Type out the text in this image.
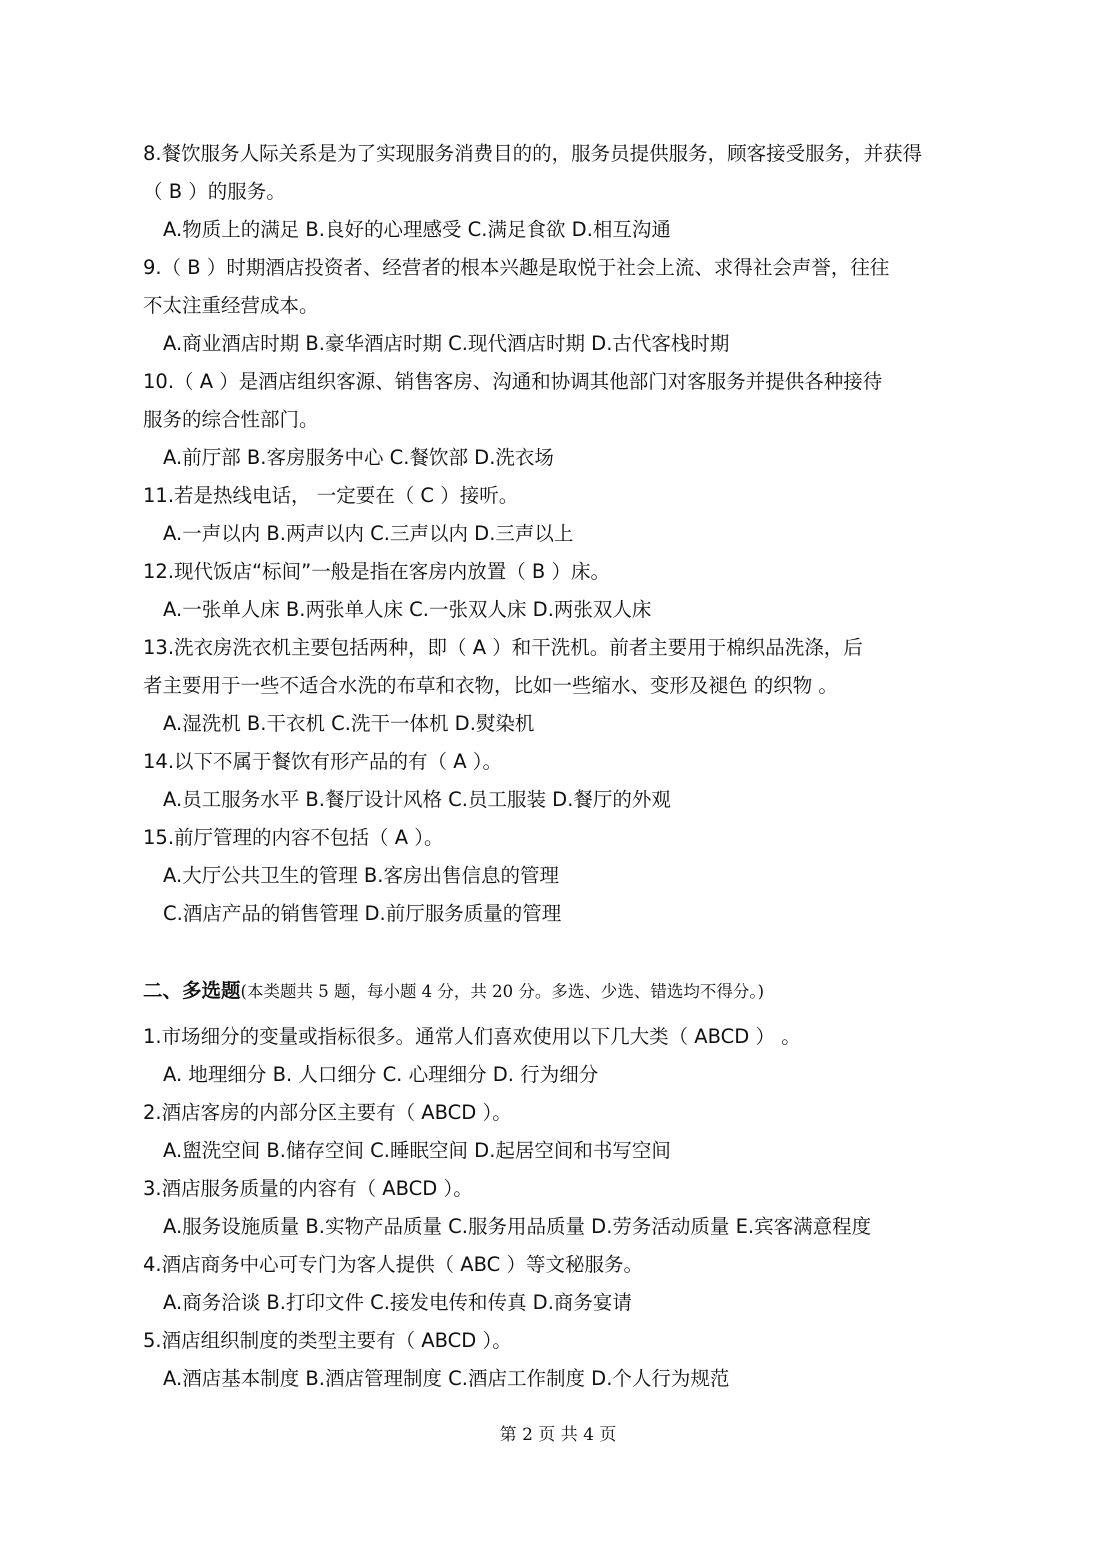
8.餐饮服务人际关系是为了实现服务消费目的的，服务员提供服务，顾客接受服务，并获得
（ B ）的服务。
A.物质上的满足 B.良好的心理感受 C.满足食欲 D.相互沟通
9.（ B ）时期酒店投资者、经营者的根本兴趣是取悦于社会上流、求得社会声誉，往往
不太注重经营成本。
A.商业酒店时期 B.豪华酒店时期 C.现代酒店时期 D.古代客栈时期
10.（ A ）是酒店组织客源、销售客房、沟通和协调其他部门对客服务并提供各种接待
服务的综合性部门。
A.前厅部 B.客房服务中心 C.餐饮部 D.洗衣场
11.若是热线电话， 一定要在（ C ）接听。
A.一声以内 B.两声以内 C.三声以内 D.三声以上
12.现代饭店“标间”一般是指在客房内放置（ B ）床。
A.一张单人床 B.两张单人床 C.一张双人床 D.两张双人床
13.洗衣房洗衣机主要包括两种，即（ A ）和干洗机。前者主要用于棉织品洗涤，后
者主要用于一些不适合水洗的布草和衣物，比如一些缩水、变形及褪色 的织物 。
A.湿洗机 B.干衣机 C.洗干一体机 D.熨染机
14.以下不属于餐饮有形产品的有（ A ）。
A.员工服务水平 B.餐厅设计风格 C.员工服装 D.餐厅的外观
15.前厅管理的内容不包括（ A ）。
A.大厅公共卫生的管理 B.客房出售信息的管理
C.酒店产品的销售管理 D.前厅服务质量的管理
二、多选题(本类题共 5 题，每小题 4 分，共 20 分。多选、少选、错选均不得分。)
1.市场细分的变量或指标很多。通常人们喜欢使用以下几大类（ ABCD ） 。
A. 地理细分 B. 人口细分 C. 心理细分 D. 行为细分
2.酒店客房的内部分区主要有（ ABCD ）。
A.盥洗空间 B.储存空间 C.睡眠空间 D.起居空间和书写空间
3.酒店服务质量的内容有（ ABCD ）。
A.服务设施质量 B.实物产品质量 C.服务用品质量 D.劳务活动质量 E.宾客满意程度
4.酒店商务中心可专门为客人提供（ ABC ）等文秘服务。
A.商务洽谈 B.打印文件 C.接发电传和传真 D.商务宴请
5.酒店组织制度的类型主要有（ ABCD ）。
A.酒店基本制度 B.酒店管理制度 C.酒店工作制度 D.个人行为规范
第 2 页 共 4 页
